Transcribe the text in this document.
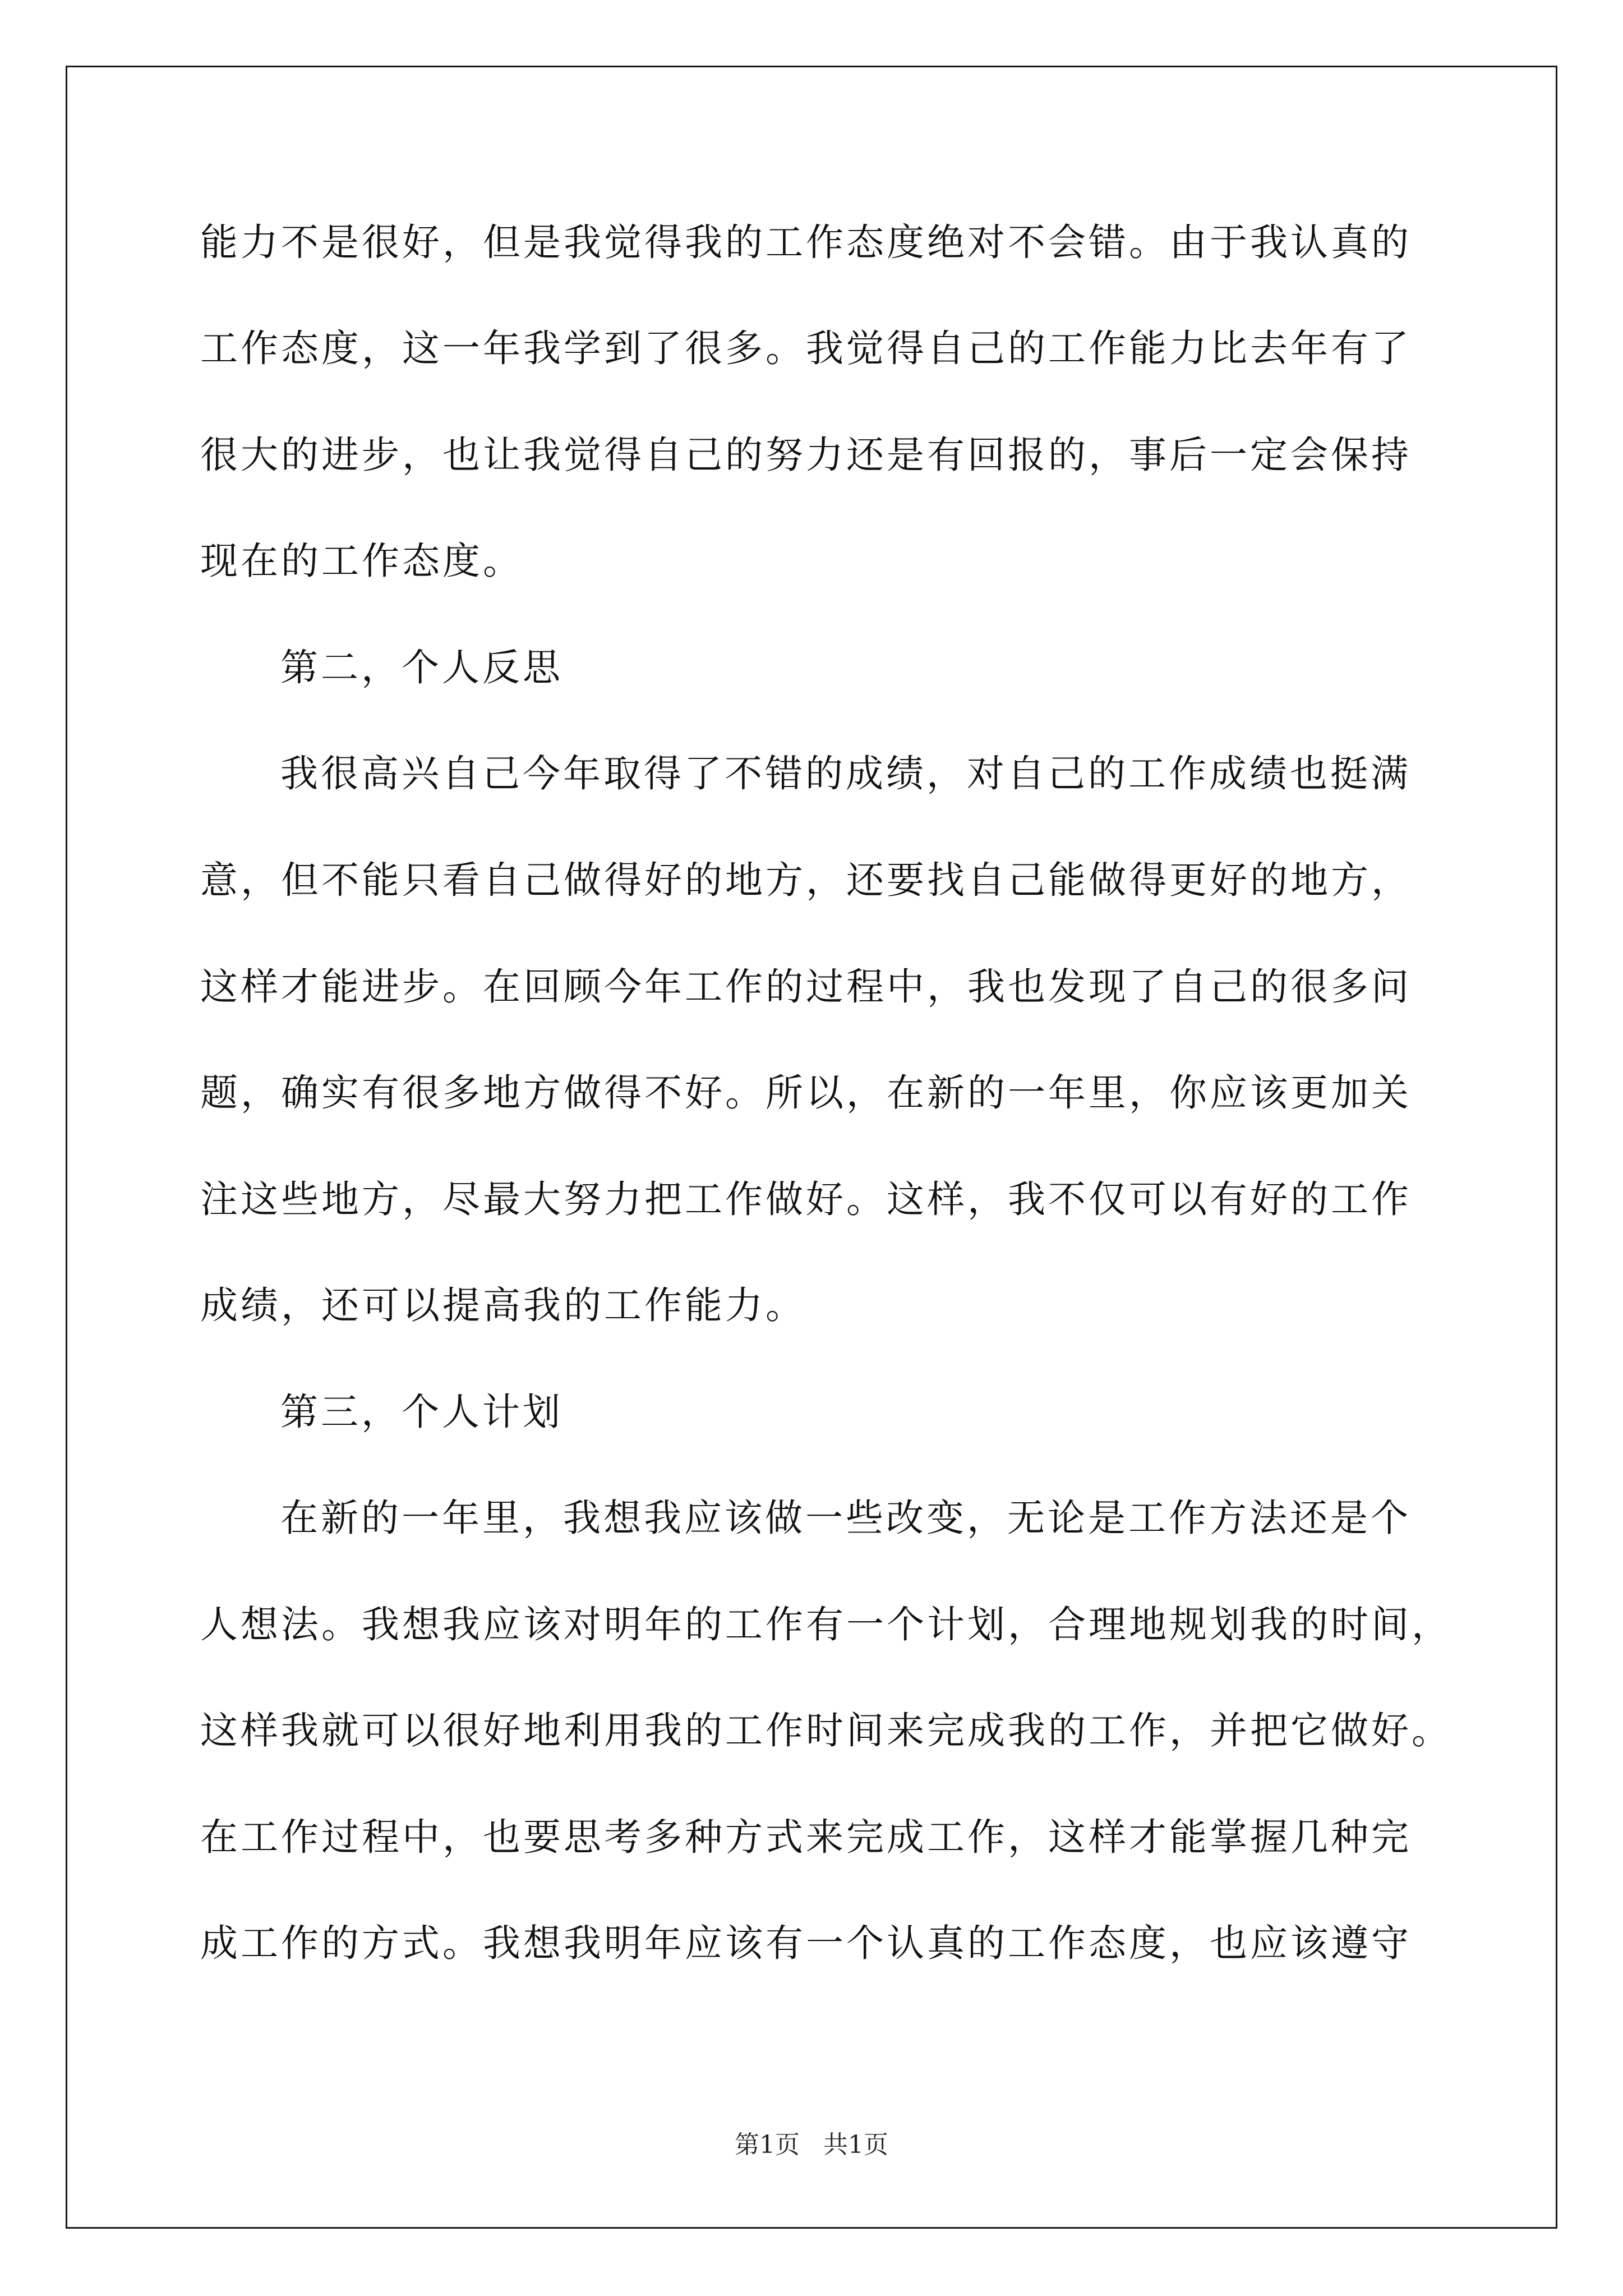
能力不是很好，但是我觉得我的工作态度绝对不会错。由于我认真的
工作态度，这一年我学到了很多。我觉得自己的工作能力比去年有了
很大的进步，也让我觉得自己的努力还是有回报的，事后一定会保持
现在的工作态度。
第二，个人反思
我很高兴自己今年取得了不错的成绩，对自己的工作成绩也挺满
意，但不能只看自己做得好的地方，还要找自己能做得更好的地方，
这样才能进步。在回顾今年工作的过程中，我也发现了自己的很多问
题，确实有很多地方做得不好。所以，在新的一年里，你应该更加关
注这些地方，尽最大努力把工作做好。这样，我不仅可以有好的工作
成绩，还可以提高我的工作能力。
第三，个人计划
在新的一年里，我想我应该做一些改变，无论是工作方法还是个
人想法。我想我应该对明年的工作有一个计划，合理地规划我的时间，
这样我就可以很好地利用我的工作时间来完成我的工作，并把它做好。
在工作过程中，也要思考多种方式来完成工作，这样才能掌握几种完
成工作的方式。我想我明年应该有一个认真的工作态度，也应该遵守
第1页   共1页
